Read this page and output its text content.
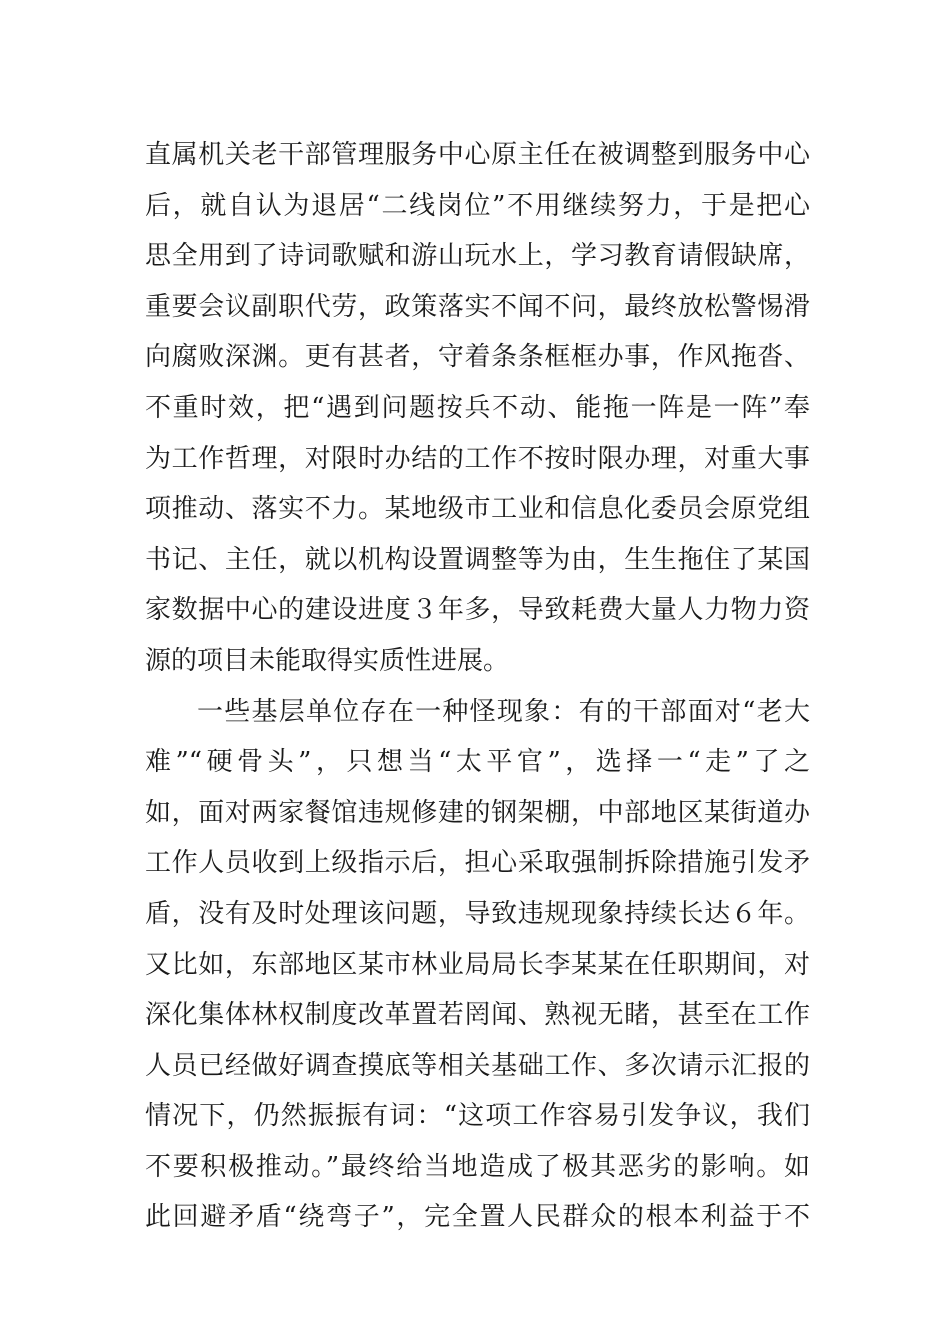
直属机关老干部管理服务中心原主任在被调整到服务中心
后，就自认为退居“二线岗位”不用继续努力，于是把心
思全用到了诗词歌赋和游山玩水上，学习教育请假缺席，
重要会议副职代劳，政策落实不闻不问，最终放松警惕滑
向腐败深渊。更有甚者，守着条条框框办事，作风拖沓、
不重时效，把“遇到问题按兵不动、能拖一阵是一阵”奉
为工作哲理，对限时办结的工作不按时限办理，对重大事
项推动、落实不力。某地级市工业和信息化委员会原党组
书记、主任，就以机构设置调整等为由，生生拖住了某国
家数据中心的建设进度３年多，导致耗费大量人力物力资
源的项目未能取得实质性进展。
一些基层单位存在一种怪现象：有的干部面对“老大
难”“硬骨头”，只想当“太平官”，选择一“走”了之
如，面对两家餐馆违规修建的钢架棚，中部地区某街道办
工作人员收到上级指示后，担心采取强制拆除措施引发矛
盾，没有及时处理该问题，导致违规现象持续长达６年。
又比如，东部地区某市林业局局长李某某在任职期间，对
深化集体林权制度改革置若罔闻、熟视无睹，甚至在工作
人员已经做好调查摸底等相关基础工作、多次请示汇报的
情况下，仍然振振有词：“这项工作容易引发争议，我们
不要积极推动。”最终给当地造成了极其恶劣的影响。如
此回避矛盾“绕弯子”，完全置人民群众的根本利益于不
